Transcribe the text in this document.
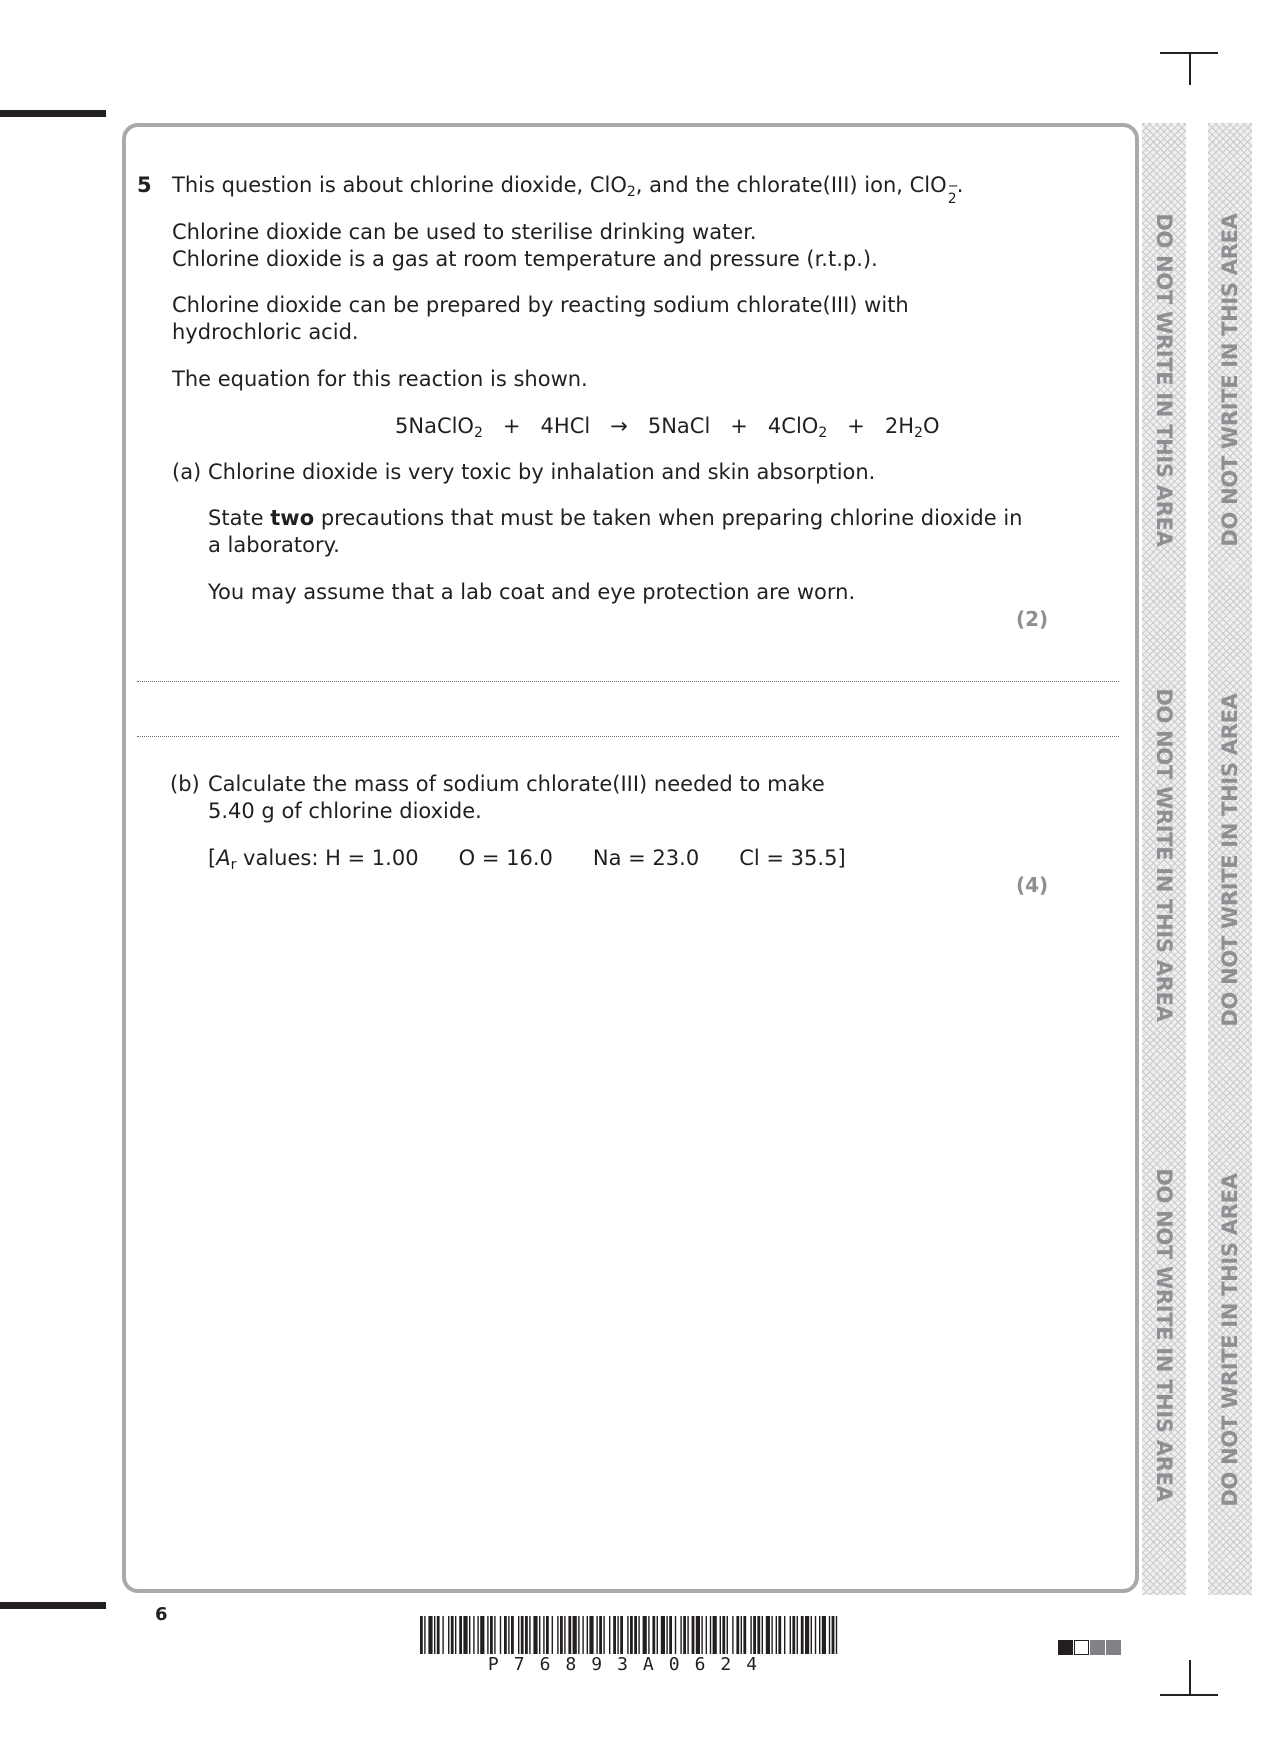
DO NOT WRITE IN THIS AREA
DO NOT WRITE IN THIS AREA
DO NOT WRITE IN THIS AREA
DO NOT WRITE IN THIS AREA
DO NOT WRITE IN THIS AREA
DO NOT WRITE IN THIS AREA
5 This question is about chlorine dioxide, ClO$_2$, and the chlorate(III) ion, ClO −
2
.
Chlorine dioxide can be used to sterilise drinking water.
Chlorine dioxide is a gas at room temperature and pressure (r.t.p.).
Chlorine dioxide can be prepared by reacting sodium chlorate(III) with
hydrochloric acid.
The equation for this reaction is shown.
5NaClO$_2$ +   4HCl   →   5NaCl   +   $4ClO_2 + 2H_2O$
(a) Chlorine dioxide is very toxic by inhalation and skin absorption.
State two precautions that must be taken when preparing chlorine dioxide in
a laboratory.
You may assume that a lab coat and eye protection are worn.
(2)
(b) Calculate the mass of sodium chlorate(III) needed to make
5.40 g of chlorine dioxide.
[$A_r$ values: H = 1.00      O = 16.0      Na = 23.0      Cl = 35.5]
(4)
6
P76893A0624
